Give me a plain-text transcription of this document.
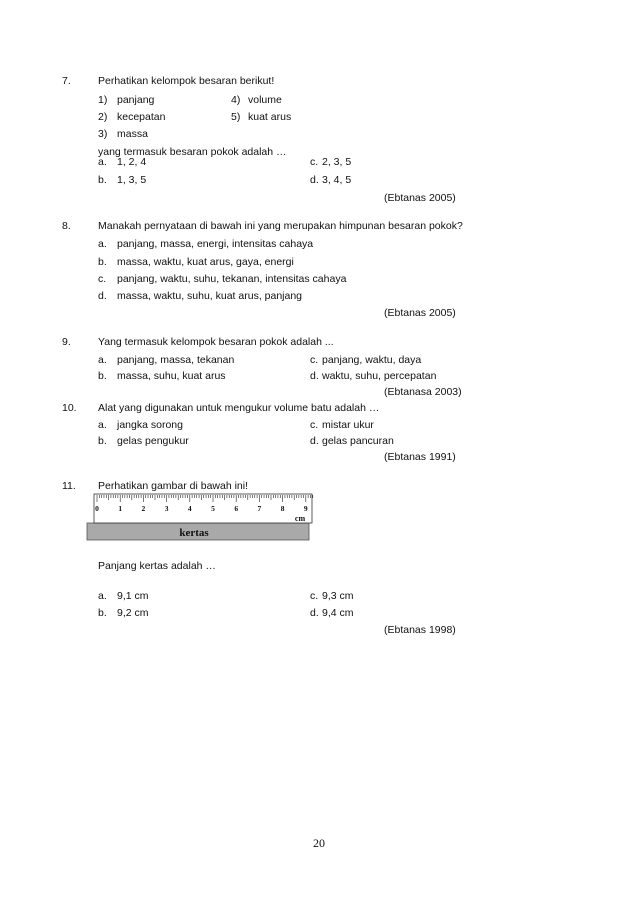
7.	Perhatikan kelompok besaran berikut!
1) panjang
2) kecepatan
3) massa
4) volume
5) kuat arus
yang termasuk besaran pokok adalah …
a. 1, 2, 4
b. 1, 3, 5
c. 2, 3, 5
d. 3, 4, 5
(Ebtanas 2005)
8.	Manakah pernyataan di bawah ini yang merupakan himpunan besaran pokok?
a. panjang, massa, energi, intensitas cahaya
b. massa, waktu, kuat arus, gaya, energi
c. panjang, waktu, suhu, tekanan, intensitas cahaya
d. massa, waktu, suhu, kuat arus, panjang
(Ebtanas 2005)
9.	Yang termasuk kelompok besaran pokok adalah ...
a. panjang, massa, tekanan
b. massa, suhu, kuat arus
c. panjang, waktu, daya
d. waktu, suhu, percepatan
(Ebtanasa 2003)
10. Alat yang digunakan untuk mengukur volume batu adalah …
a. jangka sorong
b. gelas pengukur
c. mistar ukur
d. gelas pancuran
(Ebtanas 1991)
11. Perhatikan gambar di bawah ini!
kertas
0	1	2	3	4	5	6	7	8	9
cm
Panjang kertas adalah …
a. 9,1 cm
b. 9,2 cm
c. 9,3 cm
d. 9,4 cm
(Ebtanas 1998)
20
